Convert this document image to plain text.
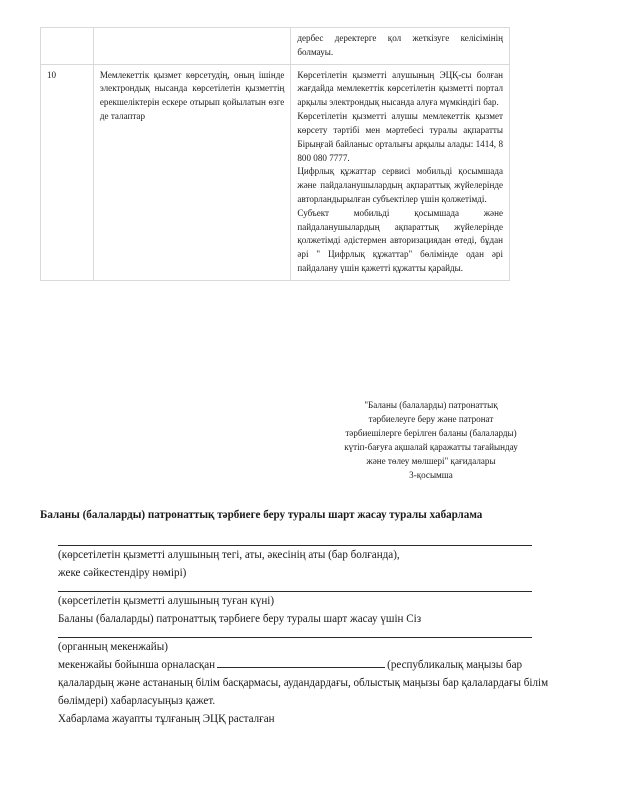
		дербес деректерге қол жеткізуге келісімінің болмауы.
10	Мемлекеттік қызмет көрсетудің, оның ішінде электрондық нысанда көрсетілетін қызметтің ерекшеліктерін ескере отырып қойылатын өзге де талаптар	Көрсетілетін қызметті алушының ЭЦҚ-сы болған жағдайда мемлекеттік көрсетілетін қызметті портал арқылы электрондық нысанда алуға мүмкіндігі бар.

Көрсетілетін қызметті алушы мемлекеттік қызмет көрсету тәртібі мен мәртебесі туралы ақпаратты Бірыңғай байланыс орталығы арқылы алады: 1414, 8 800 080 7777.

Цифрлық құжаттар сервисі мобильді қосымшада және пайдаланушылардың ақпараттық жүйелерінде авторландырылған субъектілер үшін қолжетімді.

Субъект мобильді қосымшада және пайдаланушылардың ақпараттық жүйелерінде қолжетімді әдістермен авторизациядан өтеді, бұдан әрі " Цифрлық құжаттар" бөлімінде одан әрі пайдалану үшін қажетті құжатты қарайды.

"Баланы (балаларды) патронаттық тәрбиелеуге беру және патронат тәрбиешілерге берілген баланы (балаларды) күтіп-бағуға ақшалай қаражатты тағайындау және төлеу мөлшері" қағидалары
3-қосымша
Баланы (балаларды) патронаттық тәрбиеге беру туралы шарт жасау туралы хабарлама
(көрсетілетін қызметті алушының тегі, аты, әкесінің аты (бар болғанда),
жеке сәйкестендіру нөмірі)
(көрсетілетін қызметті алушының туған күні)
Баланы (балаларды) патронаттық тәрбиеге беру туралы шарт жасау үшін Сіз
(органның мекенжайы)
мекенжайы бойынша орналасқан	(республикалық маңызы бар қалалардың және астананың білім басқармасы, аудандардағы, облыстық маңызы бар қалалардағы білім бөлімдері) хабарласуыңыз қажет.
Хабарлама жауапты тұлғаның ЭЦҚ расталған
